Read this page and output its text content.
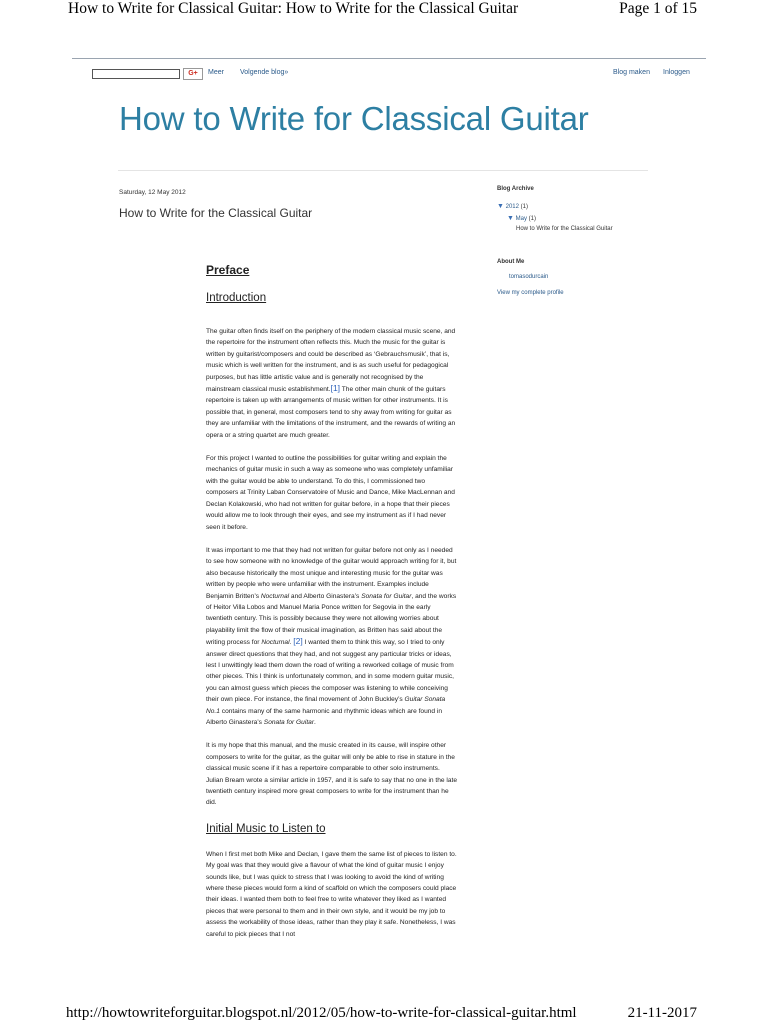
How to Write for Classical Guitar: How to Write for the Classical Guitar	Page 1 of 15
G+	Meer Volgende blog»	Blog maken Inloggen
How to Write for Classical Guitar
Saturday, 12 May 2012
How to Write for the Classical Guitar
Preface
Introduction

The guitar often finds itself on the periphery of the modern classical music scene, and the repertoire for the instrument often reflects this. Much the music for the guitar is written by guitarist/composers and could be described as ‘Gebrauchsmusik’, that is, music which is well written for the instrument, and is as such useful for pedagogical purposes, but has little artistic value and is generally not recognised by the mainstream classical music establishment.[1] The other main chunk of the guitars repertoire is taken up with arrangements of music written for other instruments. It is possible that, in general, most composers tend to shy away from writing for guitar as they are unfamiliar with the limitations of the instrument, and the rewards of writing an opera or a string quartet are much greater.

For this project I wanted to outline the possibilities for guitar writing and explain the mechanics of guitar music in such a way as someone who was completely unfamiliar with the guitar would be able to understand. To do this, I commissioned two composers at Trinity Laban Conservatoire of Music and Dance, Mike MacLennan and Declan Kolakowski, who had not written for guitar before, in a hope that their pieces would allow me to look through their eyes, and see my instrument as if I had never seen it before.

It was important to me that they had not written for guitar before not only as I needed to see how someone with no knowledge of the guitar would approach writing for it, but also because historically the most unique and interesting music for the guitar was written by people who were unfamiliar with the instrument. Examples include Benjamin Britten’s Nocturnal and Alberto Ginastera’s Sonata for Guitar, and the works of Heitor Villa Lobos and Manuel Maria Ponce written for Segovia in the early twentieth century. This is possibly because they were not allowing worries about playability limit the flow of their musical imagination, as Britten has said about the writing process for Nocturnal. [2] I wanted them to think this way, so I tried to only answer direct questions that they had, and not suggest any particular tricks or ideas, lest I unwittingly lead them down the road of writing a reworked collage of music from other pieces. This I think is unfortunately common, and in some modern guitar music, you can almost guess which pieces the composer was listening to while conceiving their own piece. For instance, the final movement of John Buckley’s Guitar Sonata No.1 contains many of the same harmonic and rhythmic ideas which are found in Alberto Ginastera’s Sonata for Guitar.

It is my hope that this manual, and the music created in its cause, will inspire other composers to write for the guitar, as the guitar will only be able to rise in stature in the classical music scene if it has a repertoire comparable to other solo instruments. Julian Bream wrote a similar article in 1957, and it is safe to say that no one in the late twentieth century inspired more great composers to write for the instrument than he did.

Initial Music to Listen to

When I first met both Mike and Declan, I gave them the same list of pieces to listen to. My goal was that they would give a flavour of what the kind of guitar music I enjoy sounds like, but I was quick to stress that I was looking to avoid the kind of writing where these pieces would form a kind of scaffold on which the composers could place their ideas. I wanted them both to feel free to write whatever they liked as I wanted pieces that were personal to them and in their own style, and it would be my job to assess the workability of those ideas, rather than they play it safe. Nonetheless, I was careful to pick pieces that I not

Blog Archive
▼ 2012 (1)
▼ May (1)
How to Write for the Classical Guitar
About Me
tomasodurcain
View my complete profile
http://howtowriteforguitar.blogspot.nl/2012/05/how-to-write-for-classical-guitar.html	21-11-2017
